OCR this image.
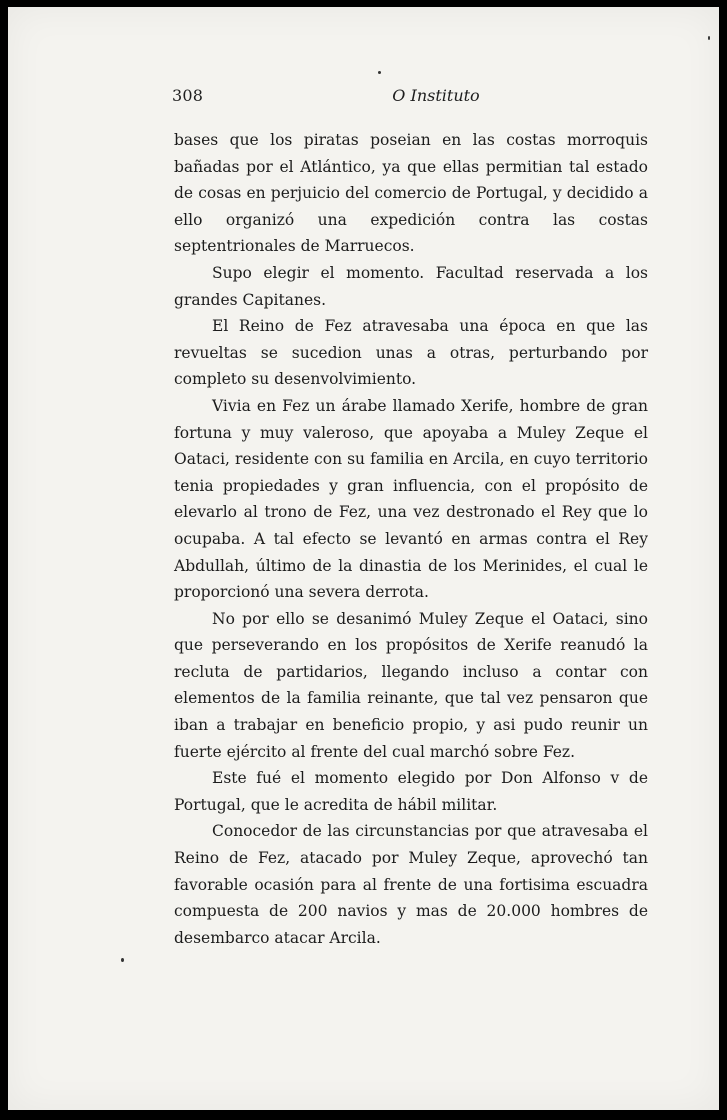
308	O Instituto

bases que los piratas poseian en las costas morroquis bañadas por el Atlántico, ya que ellas permitian tal estado de cosas en perjuicio del comercio de Portugal, y decidido a ello organizó una expedición contra las costas septentrionales de Marruecos.

Supo elegir el momento. Facultad reservada a los grandes Capitanes.

El Reino de Fez atravesaba una época en que las revueltas se sucedion unas a otras, perturbando por completo su desenvolvimiento.

Vivia en Fez un árabe llamado Xerife, hombre de gran fortuna y muy valeroso, que apoyaba a Muley Zeque el Oataci, residente con su familia en Arcila, en cuyo territorio tenia propiedades y gran influencia, con el propósito de elevarlo al trono de Fez, una vez destronado el Rey que lo ocupaba. A tal efecto se levantó en armas contra el Rey Abdullah, último de la dinastia de los Merinides, el cual le proporcionó una severa derrota.

No por ello se desanimó Muley Zeque el Oataci, sino que perseverando en los propósitos de Xerife reanudó la recluta de partidarios, llegando incluso a contar con elementos de la familia reinante, que tal vez pensaron que iban a trabajar en beneficio propio, y asi pudo reunir un fuerte ejército al frente del cual marchó sobre Fez.

Este fué el momento elegido por Don Alfonso v de Portugal, que le acredita de hábil militar.

Conocedor de las circunstancias por que atravesaba el Reino de Fez, atacado por Muley Zeque, aprovechó tan favorable ocasión para al frente de una fortisima escuadra compuesta de 200 navios y mas de 20.000 hombres de desembarco atacar Arcila.
